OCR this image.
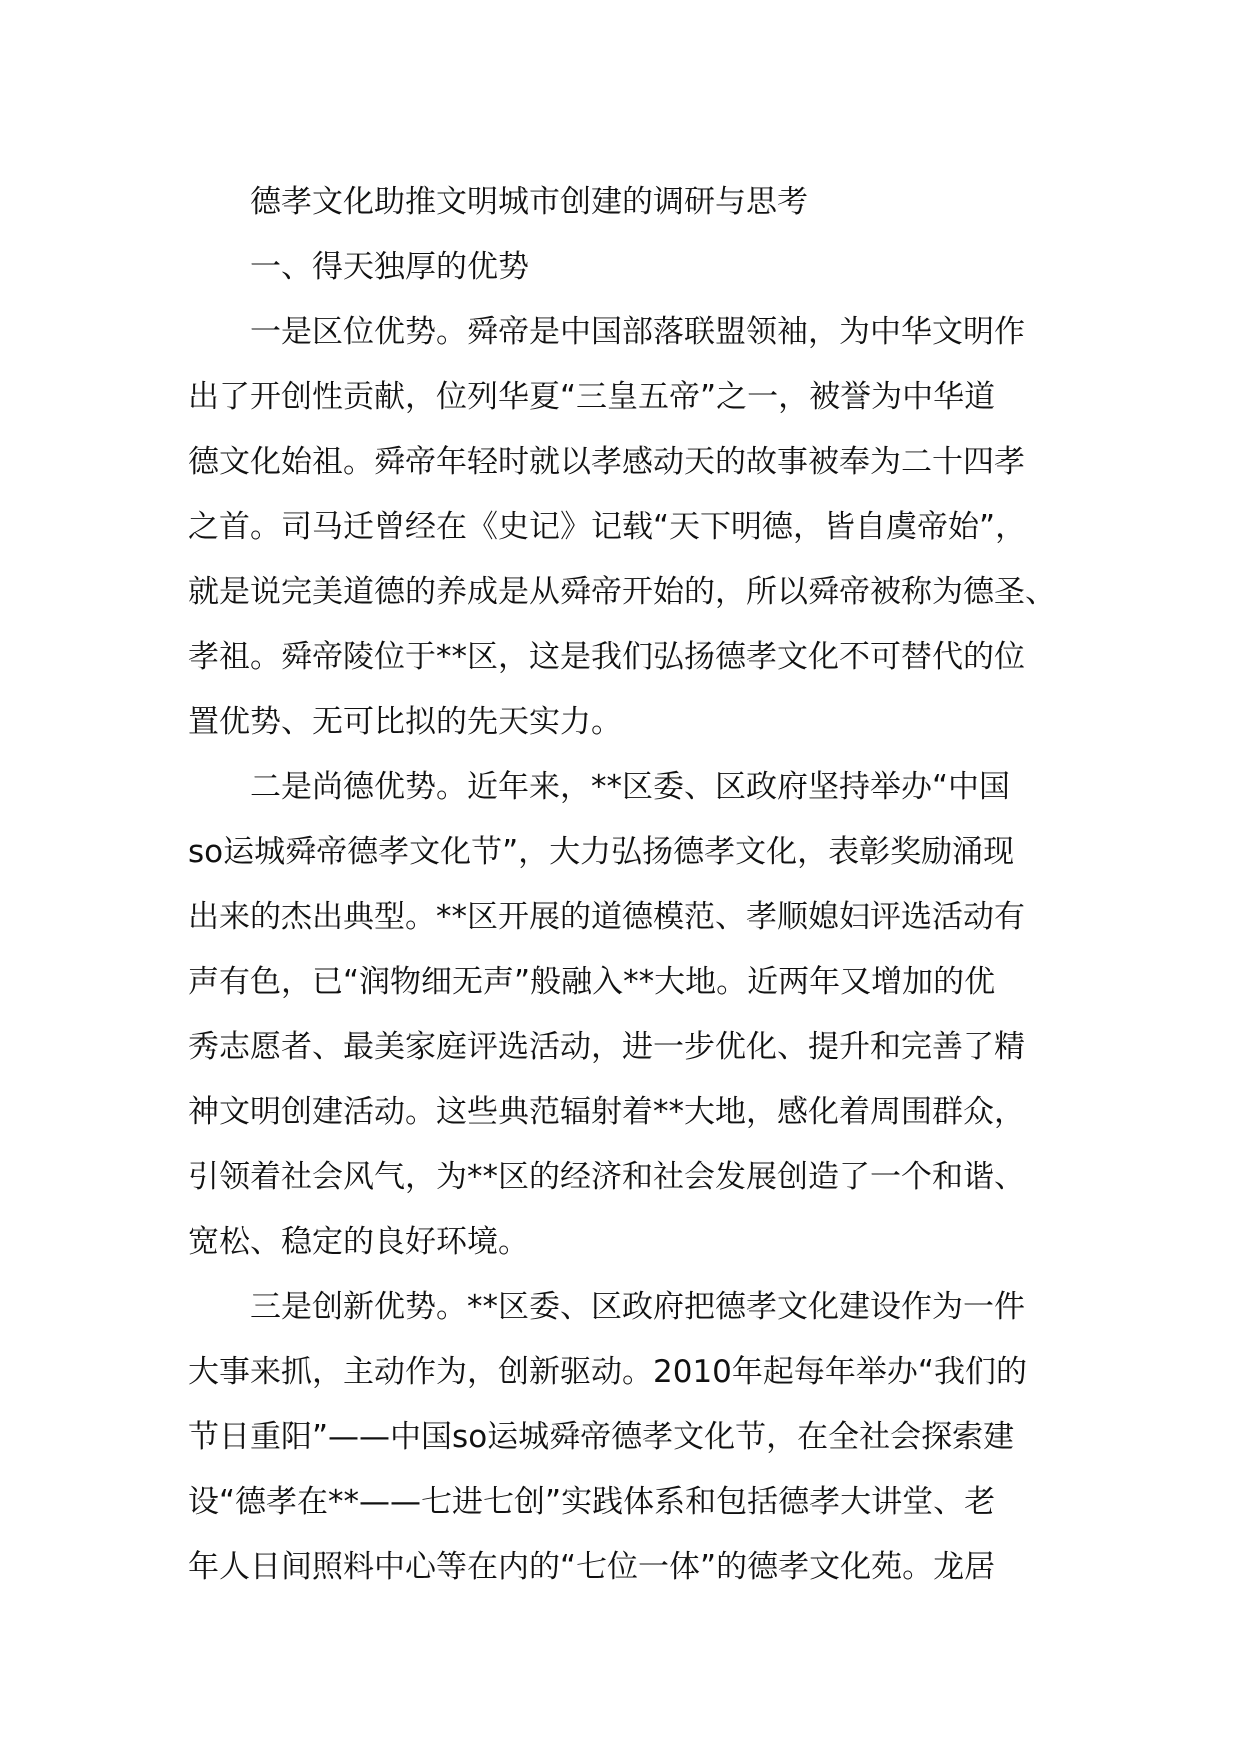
德孝文化助推文明城市创建的调研与思考
一、得天独厚的优势
一是区位优势。舜帝是中国部落联盟领袖，为中华文明作
出了开创性贡献，位列华夏“三皇五帝”之一，被誉为中华道
德文化始祖。舜帝年轻时就以孝感动天的故事被奉为二十四孝
之首。司马迁曾经在《史记》记载“天下明德，皆自虞帝始”，
就是说完美道德的养成是从舜帝开始的，所以舜帝被称为德圣、
孝祖。舜帝陵位于**区，这是我们弘扬德孝文化不可替代的位
置优势、无可比拟的先天实力。
二是尚德优势。近年来，**区委、区政府坚持举办“中国
so运城舜帝德孝文化节”，大力弘扬德孝文化，表彰奖励涌现
出来的杰出典型。**区开展的道德模范、孝顺媳妇评选活动有
声有色，已“润物细无声”般融入**大地。近两年又增加的优
秀志愿者、最美家庭评选活动，进一步优化、提升和完善了精
神文明创建活动。这些典范辐射着**大地，感化着周围群众，
引领着社会风气，为**区的经济和社会发展创造了一个和谐、
宽松、稳定的良好环境。
三是创新优势。**区委、区政府把德孝文化建设作为一件
大事来抓，主动作为，创新驱动。2010年起每年举办“我们的
节日重阳”——中国so运城舜帝德孝文化节，在全社会探索建
设“德孝在**——七进七创”实践体系和包括德孝大讲堂、老
年人日间照料中心等在内的“七位一体”的德孝文化苑。龙居
